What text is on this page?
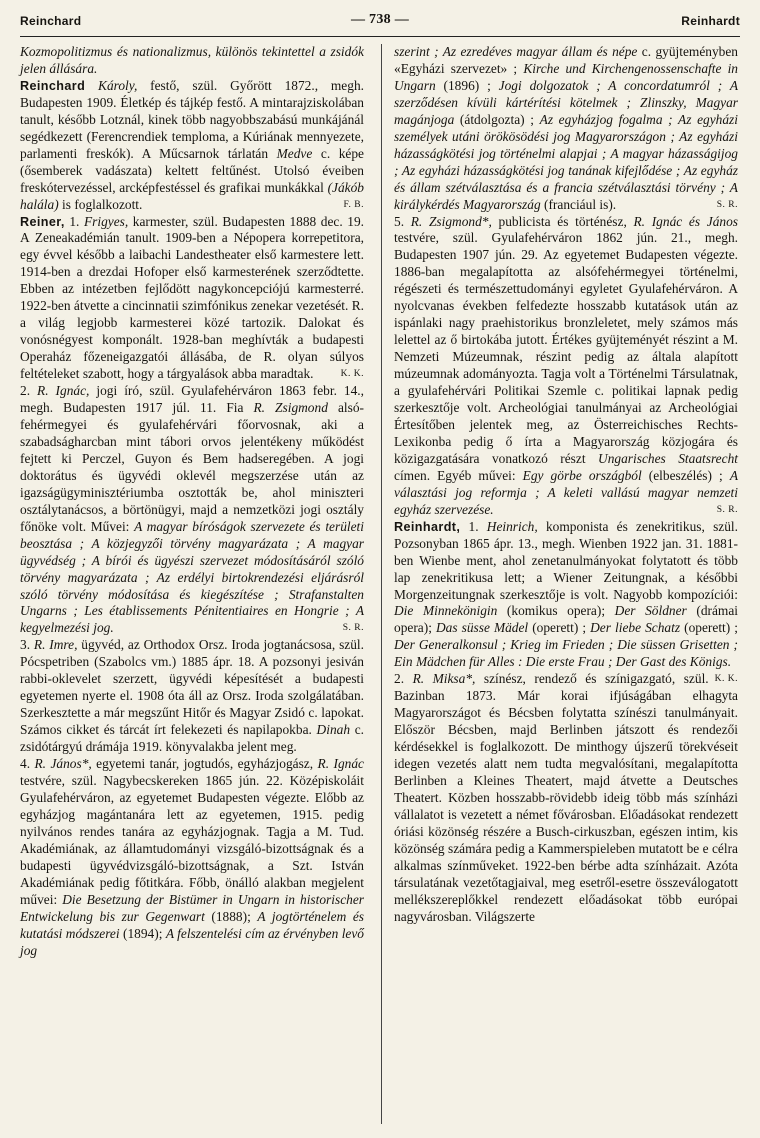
Reinchard	— 738 —	Reinhardt

Kozmopolitizmus és nationalizmus, különös tekintettel a zsidók jelen állására.

Reinchard Károly, festő, szül. Győrött 1872., megh. Budapesten 1909. Életkép és tájkép festő. A mintarajziskolában tanult, később Lotznál, kinek több nagyobbszabású munkájánál segédkezett (Ferencrendiek temploma, a Kúriának mennyezete, parlamenti freskók). A Műcsarnok tárlatán Medve c. képe (ősemberek vadászata) keltett feltűnést. Utolsó éveiben freskótervezéssel, arcképfestéssel és grafikai munkákkal (Jákób halála) is foglalkozott.	F. B.

Reiner, 1. Frigyes, karmester, szül. Budapesten 1888 dec. 19. A Zeneakadémián tanult. 1909-ben a Népopera korrepetitora, egy évvel később a laibachi Landestheater első karmestere lett. 1914-ben a drezdai Hofoper első karmesterének szerződtette. Ebben az intézetben fejlődött nagykoncepciójú karmesterré. 1922-ben átvette a cincinnatii szimfónikus zenekar vezetését. R. a világ legjobb karmesterei közé tartozik. Dalokat és vonósnégyest komponált. 1928-ban meghívták a budapesti Operaház főzeneigazgatói állásába, de R. olyan súlyos feltételeket szabott, hogy a tárgyalások abba maradtak.	K. K.

2. R. Ignác, jogi író, szül. Gyulafehérváron 1863 febr. 14., megh. Budapesten 1917 júl. 11. Fia R. Zsigmond alsó-fehérmegyei és gyulafehérvári főorvosnak, aki a szabadságharcban mint tábori orvos jelentékeny működést fejtett ki Perczel, Guyon és Bem hadseregében. A jogi doktorátus és ügyvédi oklevél megszerzése után az igazságügyminisztériumba osztották be, ahol miniszteri osztálytanácsos, a börtönügyi, majd a nemzetközi jogi osztály főnöke volt. Művei: A magyar bíróságok szervezete és területi beosztása ; A közjegyzői törvény magyarázata ; A magyar ügyvédség ; A bírói és ügyészi szervezet módosításáról szóló törvény magyarázata ; Az erdélyi birtokrendezési eljárásról szóló törvény módosítása és kiegészítése ; Strafanstalten Ungarns ; Les établissements Pénitentiaires en Hongrie ; A kegyelmezési jog.	S. R.

3. R. Imre, ügyvéd, az Orthodox Orsz. Iroda jogtanácsosa, szül. Pócspetriben (Szabolcs vm.) 1885 ápr. 18. A pozsonyi jesiván rabbi-oklevelet szerzett, ügyvédi képesítését a budapesti egyetemen nyerte el. 1908 óta áll az Orsz. Iroda szolgálatában. Szerkesztette a már megszűnt Hitőr és Magyar Zsidó c. lapokat. Számos cikket és tárcát írt felekezeti és napilapokba. Dinah c. zsidótárgyú drámája 1919. könyvalakba jelent meg.

4. R. János*, egyetemi tanár, jogtudós, egyházjogász, R. Ignác testvére, szül. Nagybecskereken 1865 jún. 22. Középiskoláit Gyulafehérváron, az egyetemet Budapesten végezte. Előbb az egyházjog magántanára lett az egyetemen, 1915. pedig nyilvános rendes tanára az egyházjognak. Tagja a M. Tud. Akadémiának, az államtudományi vizsgáló-bizottságnak és a budapesti ügyvédvizsgáló-bizottságnak, a Szt. István Akadémiának pedig főtitkára. Főbb, önálló alakban megjelent művei: Die Besetzung der Bistümer in Ungarn in historischer Entwickelung bis zur Gegenwart (1888); A jogtörténelem és kutatási módszerei (1894); A felszentelési cím az érvényben levő jog

szerint ; Az ezredéves magyar állam és népe c. gyüjteményben «Egyházi szervezet» ; Kirche und Kirchengenossenschafte in Ungarn (1896) ; Jogi dolgozatok ; A concordatumról ; A szerződésen kívüli kártérítési kötelmek ; Zlinszky, Magyar magánjoga (átdolgozta) ; Az egyházjog fogalma ; Az egyházi személyek utáni örökösödési jog Magyarországon ; Az egyházi házasságkötési jog történelmi alapjai ; A magyar házasságijog ; Az egyházi házasságkötési jog tanának kifejlődése ; Az egyház és állam szétválasztása és a francia szétválasztási törvény ; A királykérdés Magyarország (franciául is).	S. R.

5. R. Zsigmond*, publicista és történész, R. Ignác és János testvére, szül. Gyulafehérváron 1862 jún. 21., megh. Budapesten 1907 jún. 29. Az egyetemet Budapesten végezte. 1886-ban megalapította az alsófehérmegyei történelmi, régészeti és természettudományi egyletet Gyulafehérváron. A nyolcvanas években felfedezte hosszabb kutatások után az ispánlaki nagy praehistorikus bronzleletet, mely számos más lelettel az ő birtokába jutott. Értékes gyüjteményét részint a M. Nemzeti Múzeumnak, részint pedig az általa alapított múzeumnak adományozta. Tagja volt a Történelmi Társulatnak, a gyulafehérvári Politikai Szemle c. politikai lapnak pedig szerkesztője volt. Archeológiai tanulmányai az Archeológiai Értesítőben jelentek meg, az Österreichisches Rechts-Lexikonba pedig ő írta a Magyarország közjogára és közigazgatására vonatkozó részt Ungarisches Staatsrecht címen. Egyéb művei: Egy görbe országból (elbeszélés) ; A választási jog reformja ; A keleti vallású magyar nemzeti egyház szervezése.	S. R.

Reinhardt, 1. Heinrich, komponista és zenekritikus, szül. Pozsonyban 1865 ápr. 13., megh. Wienben 1922 jan. 31. 1881-ben Wienbe ment, ahol zenetanulmányokat folytatott és több lap zenekritikusa lett; a Wiener Zeitungnak, a későbbi Morgenzeitungnak szerkesztője is volt. Nagyobb kompozíciói: Die Minnekönigin (komikus opera); Der Söldner (drámai opera); Das süsse Mädel (operett) ; Der liebe Schatz (operett) ; Der Generalkonsul ; Krieg im Frieden ; Die süssen Grisetten ; Ein Mädchen für Alles : Die erste Frau ; Der Gast des Königs.
K. K.

2. R. Miksa*, színész, rendező és színigazgató, szül. Bazinban 1873. Már korai ifjúságában elhagyta Magyarországot és Bécsben folytatta színészi tanulmányait. Először Bécsben, majd Berlinben játszott és rendezői kérdésekkel is foglalkozott. De minthogy újszerű törekvéseit idegen vezetés alatt nem tudta megvalósítani, megalapította Berlinben a Kleines Theatert, majd átvette a Deutsches Theatert. Közben hosszabb-rövidebb ideig több más színházi vállalatot is vezetett a német fővárosban. Előadásokat rendezett óriási közönség részére a Busch-cirkuszban, egészen intim, kis közönség számára pedig a Kammerspieleben mutatott be e célra alkalmas színműveket. 1922-ben bérbe adta színházait. Azóta társulatának vezetőtagjaival, meg esetről-esetre összeválogatott mellékszereplőkkel rendezett előadásokat több európai nagyvárosban. Világszerte
